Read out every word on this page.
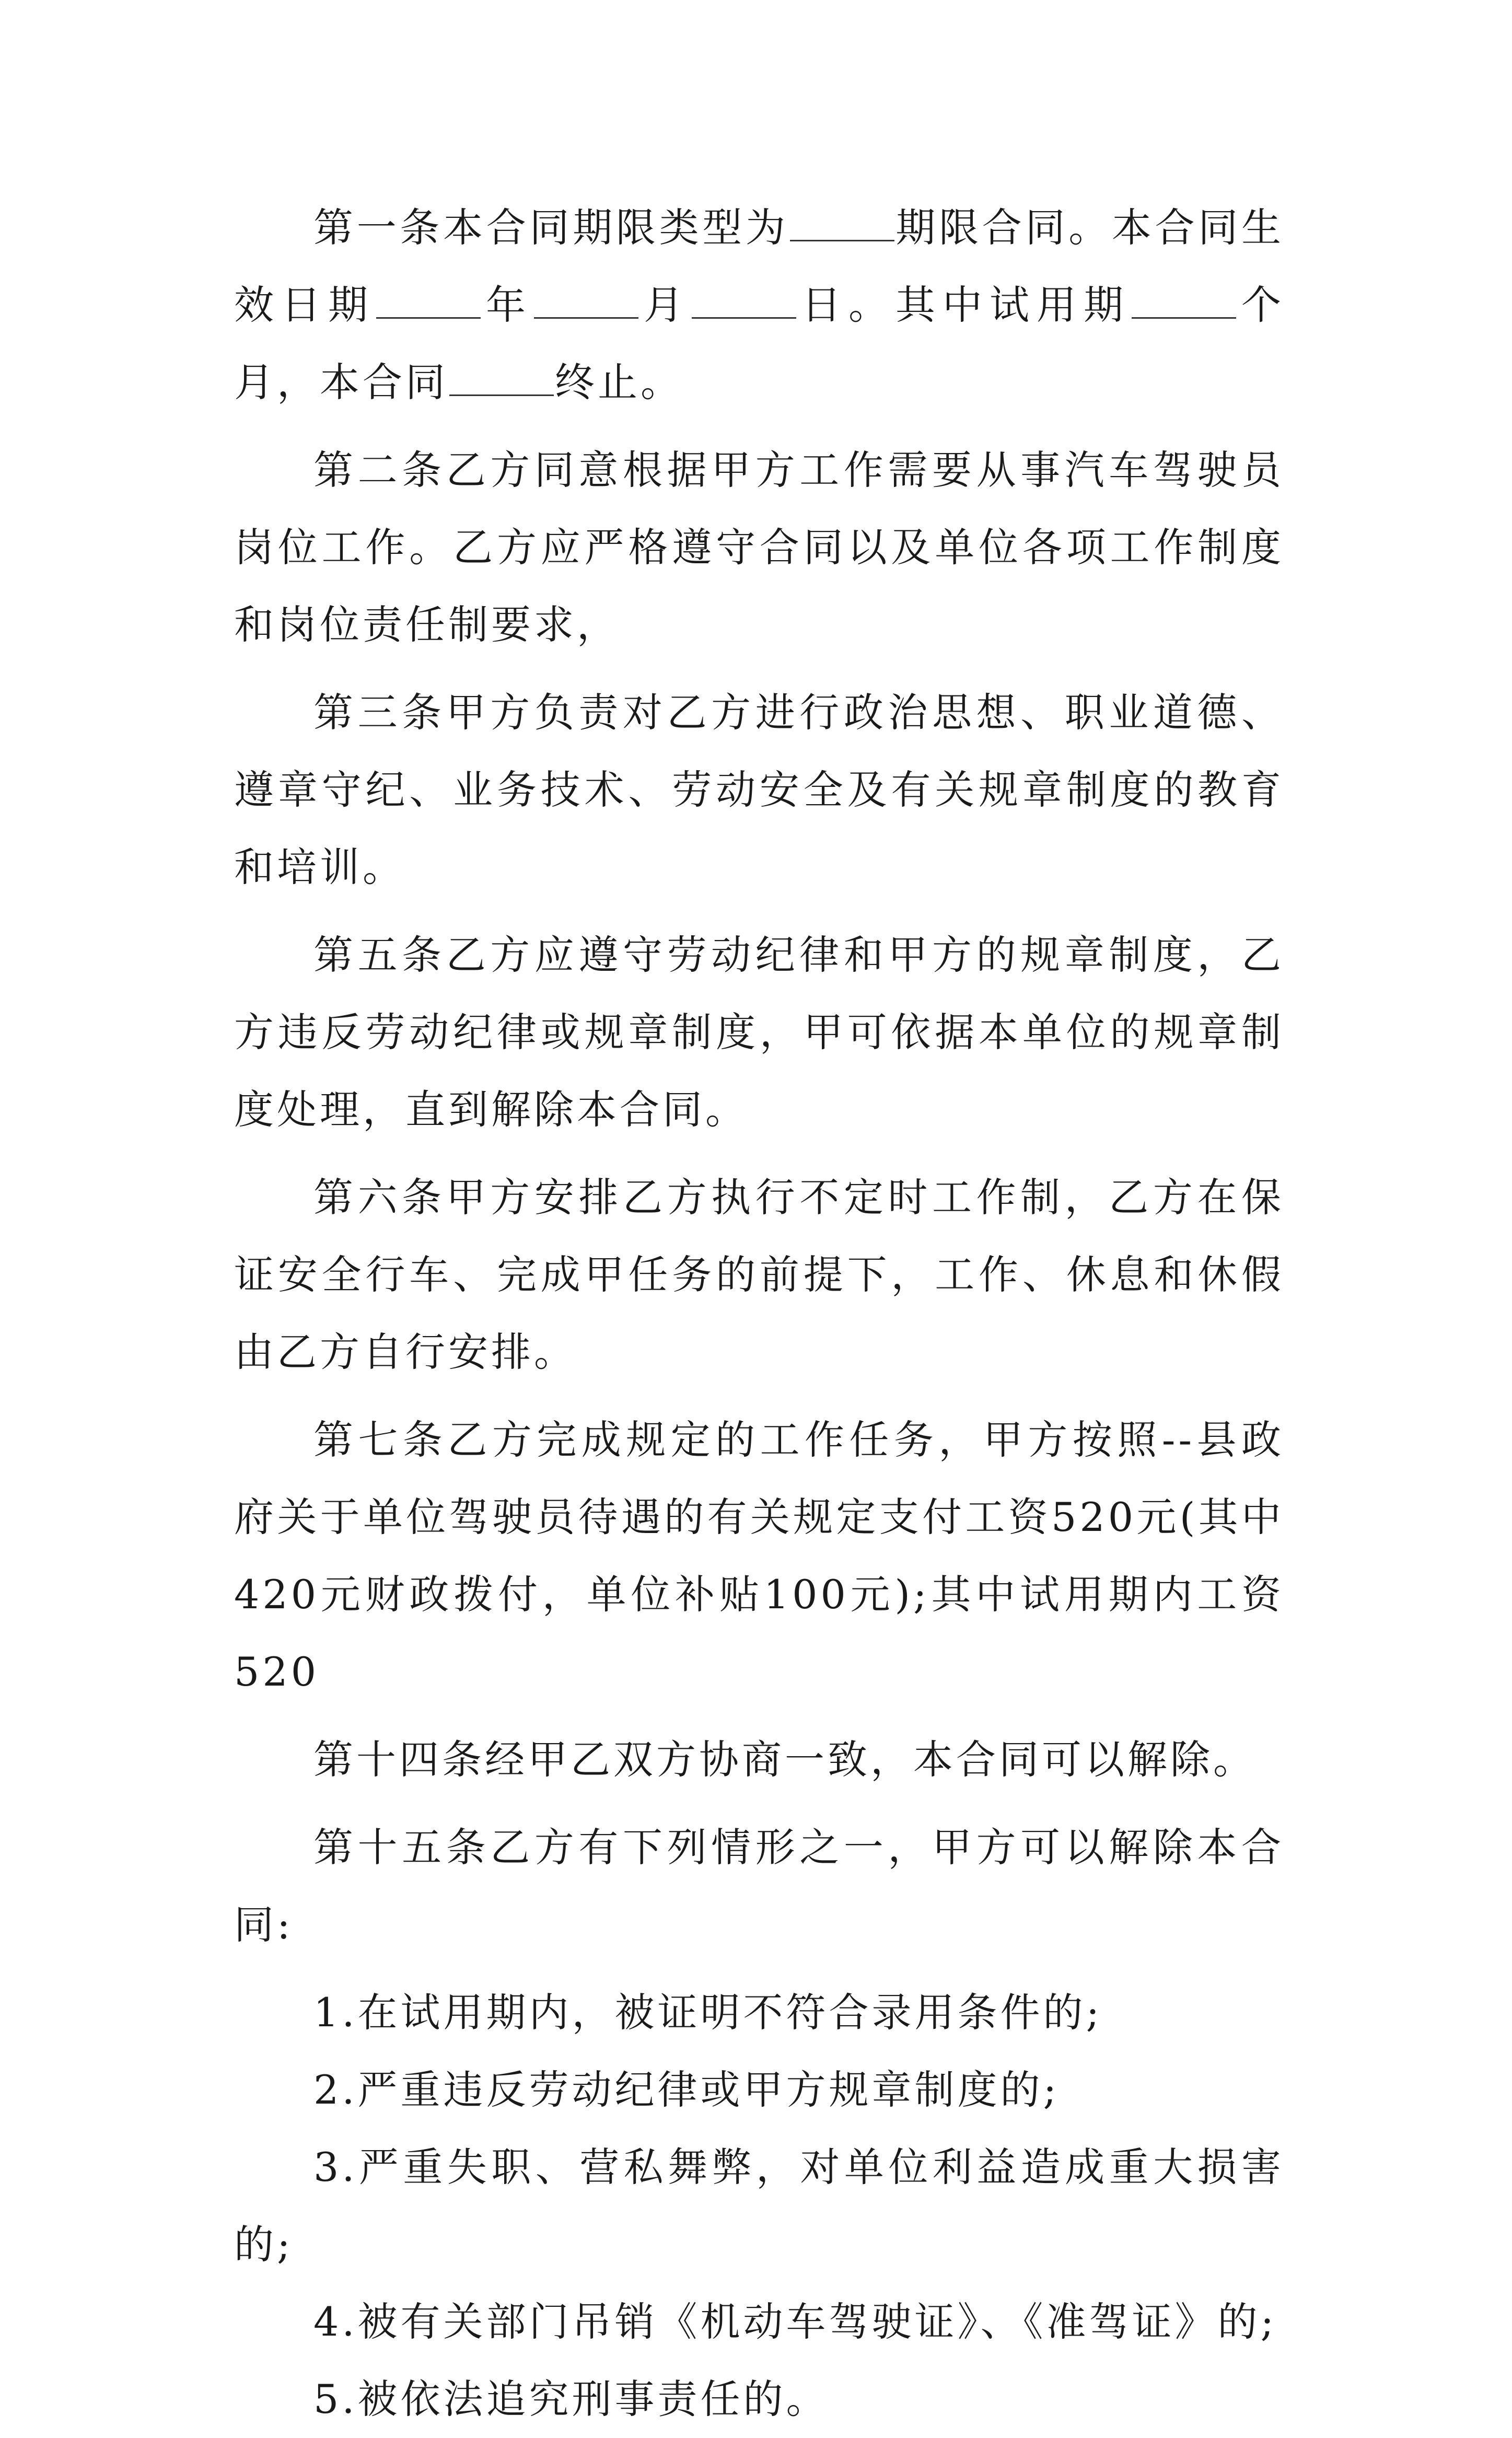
第一条本合同期限类型为	期限合同。本合同生效日期	年	月	日。其中试用期	个月，本合同	终止。

第二条乙方同意根据甲方工作需要从事汽车驾驶员岗位工作。乙方应严格遵守合同以及单位各项工作制度和岗位责任制要求，

第三条甲方负责对乙方进行政治思想、职业道德、遵章守纪、业务技术、劳动安全及有关规章制度的教育和培训。

第五条乙方应遵守劳动纪律和甲方的规章制度，乙方违反劳动纪律或规章制度，甲可依据本单位的规章制度处理，直到解除本合同。

第六条甲方安排乙方执行不定时工作制，乙方在保证安全行车、完成甲任务的前提下，工作、休息和休假由乙方自行安排。

第七条乙方完成规定的工作任务，甲方按照--县政府关于单位驾驶员待遇的有关规定支付工资520元(其中420元财政拨付，单位补贴100元);其中试用期内工资520

第十四条经甲乙双方协商一致，本合同可以解除。

第十五条乙方有下列情形之一，甲方可以解除本合同:

1.在试用期内，被证明不符合录用条件的;

2.严重违反劳动纪律或甲方规章制度的;

3.严重失职、营私舞弊，对单位利益造成重大损害的;

4.被有关部门吊销《机动车驾驶证》、《准驾证》的;

5.被依法追究刑事责任的。
